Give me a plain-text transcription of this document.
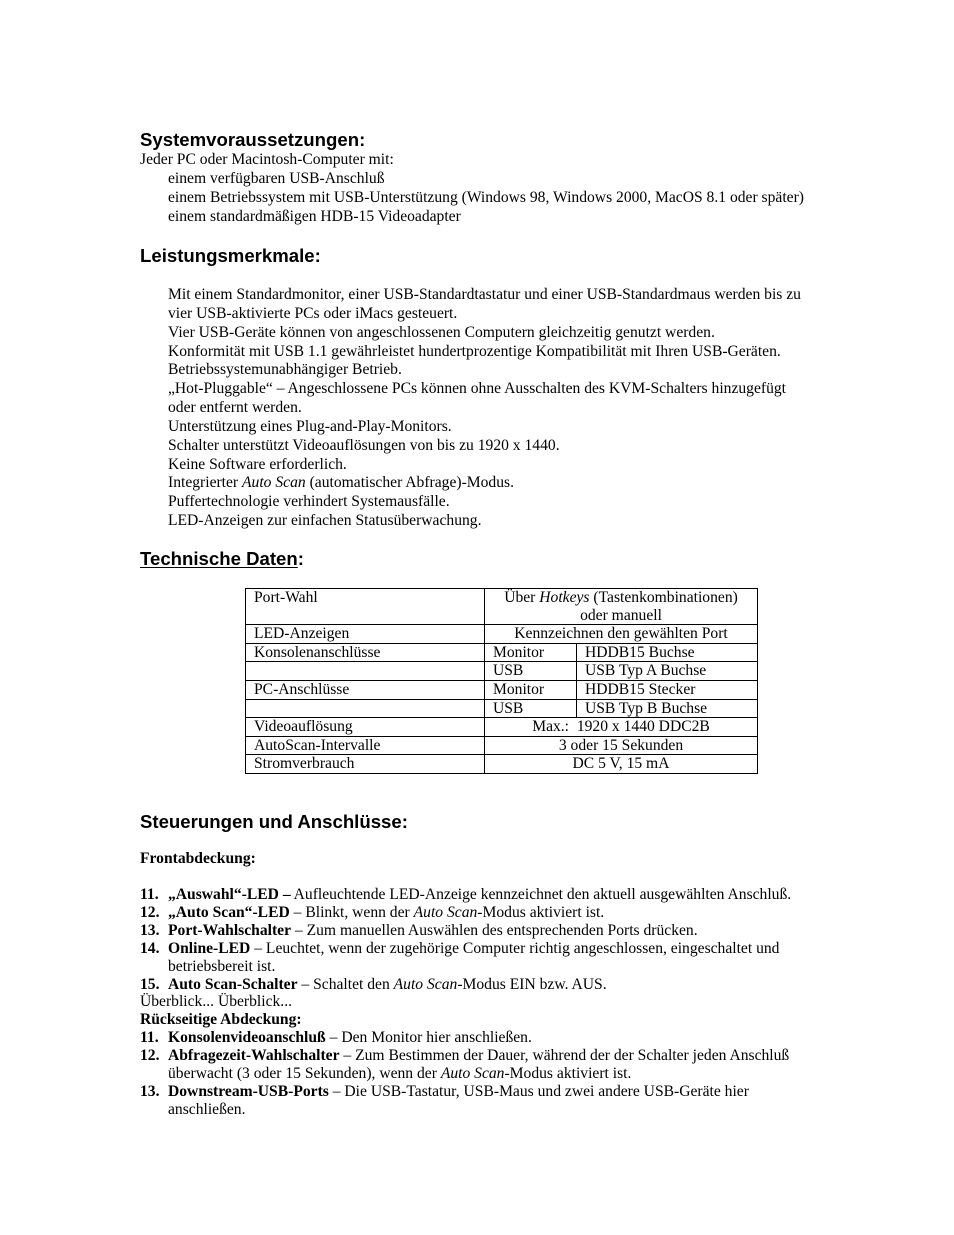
Systemvoraussetzungen:
Jeder PC oder Macintosh-Computer mit:
einem verfügbaren USB-Anschluß
einem Betriebssystem mit USB-Unterstützung (Windows 98, Windows 2000, MacOS 8.1 oder später)
einem standardmäßigen HDB-15 Videoadapter
Leistungsmerkmale:
Mit einem Standardmonitor, einer USB-Standardtastatur und einer USB-Standardmaus werden bis zu vier USB-aktivierte PCs oder iMacs gesteuert.
Vier USB-Geräte können von angeschlossenen Computern gleichzeitig genutzt werden.
Konformität mit USB 1.1 gewährleistet hundertprozentige Kompatibilität mit Ihren USB-Geräten.
Betriebssystemunabhängiger Betrieb.
„Hot-Pluggable“ – Angeschlossene PCs können ohne Ausschalten des KVM-Schalters hinzugefügt oder entfernt werden.
Unterstützung eines Plug-and-Play-Monitors.
Schalter unterstützt Videoauflösungen von bis zu 1920 x 1440.
Keine Software erforderlich.
Integrierter Auto Scan (automatischer Abfrage)-Modus.
Puffertechnologie verhindert Systemausfälle.
LED-Anzeigen zur einfachen Statusüberwachung.
Technische Daten:
Port-Wahl	Über Hotkeys (Tastenkombinationen) oder manuell	
LED-Anzeigen	Kennzeichnen den gewählten Port	
Konsolenanschlüsse	Monitor	HDDB15 Buchse
	USB	USB Typ A Buchse
PC-Anschlüsse	Monitor	HDDB15 Stecker
	USB	USB Typ B Buchse
Videoauflösung	Max.:  1920 x 1440 DDC2B	
AutoScan-Intervalle	3 oder 15 Sekunden	
Stromverbrauch	DC 5 V, 15 mA	
Steuerungen und Anschlüsse:
Frontabdeckung:
11. „Auswahl“-LED – Aufleuchtende LED-Anzeige kennzeichnet den aktuell ausgewählten Anschluß.
12. „Auto Scan“-LED – Blinkt, wenn der Auto Scan-Modus aktiviert ist.
13. Port-Wahlschalter – Zum manuellen Auswählen des entsprechenden Ports drücken.
14. Online-LED – Leuchtet, wenn der zugehörige Computer richtig angeschlossen, eingeschaltet und betriebsbereit ist.
15. Auto Scan-Schalter – Schaltet den Auto Scan-Modus EIN bzw. AUS.
Überblick... Überblick...
Rückseitige Abdeckung:
11. Konsolenvideoanschluß – Den Monitor hier anschließen.
12. Abfragezeit-Wahlschalter – Zum Bestimmen der Dauer, während der der Schalter jeden Anschluß überwacht (3 oder 15 Sekunden), wenn der Auto Scan-Modus aktiviert ist.
13. Downstream-USB-Ports – Die USB-Tastatur, USB-Maus und zwei andere USB-Geräte hier anschließen.
